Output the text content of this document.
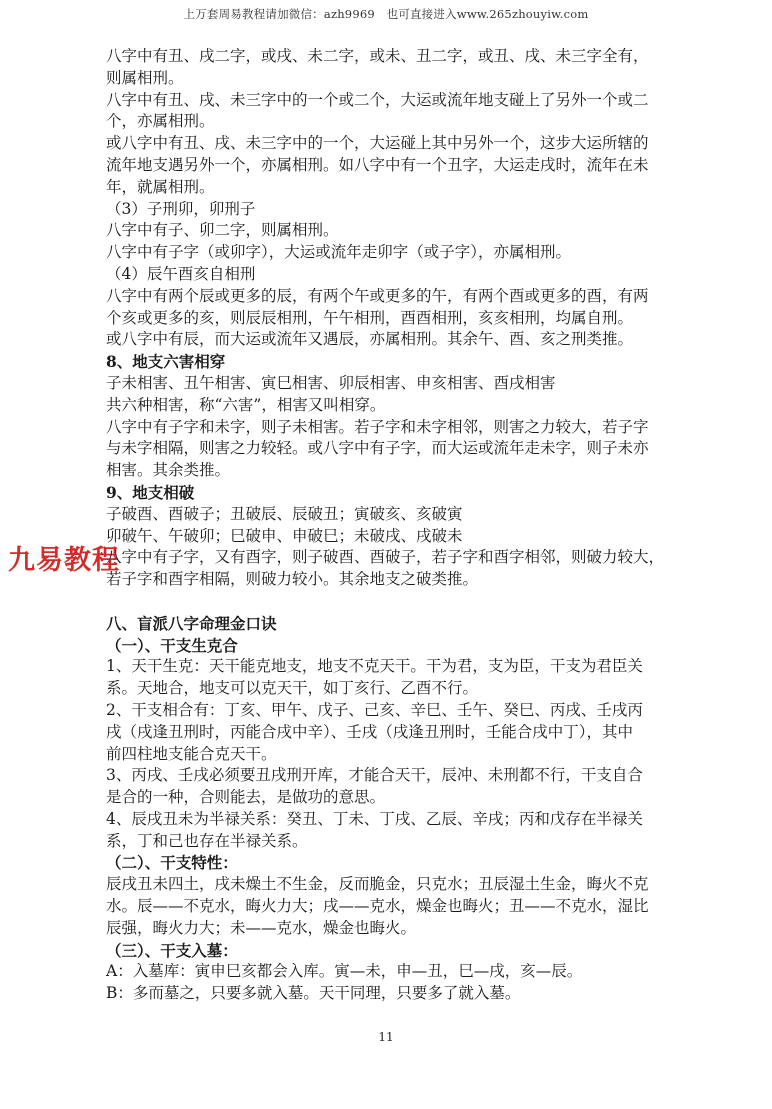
上万套周易教程请加微信：azh9969　也可直接进入www.265zhouyiw.com
九易教程
八字中有丑、戌二字，或戌、未二字，或未、丑二字，或丑、戌、未三字全有，
则属相刑。
八字中有丑、戌、未三字中的一个或二个，大运或流年地支碰上了另外一个或二
个，亦属相刑。
或八字中有丑、戌、未三字中的一个，大运碰上其中另外一个，这步大运所辖的
流年地支遇另外一个，亦属相刑。如八字中有一个丑字，大运走戌时，流年在未
年，就属相刑。
（3）子刑卯，卯刑子
八字中有子、卯二字，则属相刑。
八字中有子字（或卯字），大运或流年走卯字（或子字），亦属相刑。
（4）辰午酉亥自相刑
八字中有两个辰或更多的辰，有两个午或更多的午，有两个酉或更多的酉，有两
个亥或更多的亥，则辰辰相刑，午午相刑，酉酉相刑，亥亥相刑，均属自刑。
或八字中有辰，而大运或流年又遇辰，亦属相刑。其余午、酉、亥之刑类推。
8、地支六害相穿
子未相害、丑午相害、寅巳相害、卯辰相害、申亥相害、酉戌相害
共六种相害，称“六害”，相害又叫相穿。
八字中有子字和未字，则子未相害。若子字和未字相邻，则害之力较大，若子字
与未字相隔，则害之力较轻。或八字中有子字，而大运或流年走未字，则子未亦
相害。其余类推。
9、地支相破
子破酉、酉破子；丑破辰、辰破丑；寅破亥、亥破寅
卯破午、午破卯；巳破申、申破巳；未破戌、戌破未
八字中有子字，又有酉字，则子破酉、酉破子，若子字和酉字相邻，则破力较大，
若子字和酉字相隔，则破力较小。其余地支之破类推。
八、盲派八字命理金口诀
（一）、干支生克合
1、天干生克：天干能克地支，地支不克天干。干为君，支为臣，干支为君臣关
系。天地合，地支可以克天干，如丁亥行、乙酉不行。
2、干支相合有：丁亥、甲午、戊子、己亥、辛巳、壬午、癸巳、丙戌、壬戌丙
戌（戌逢丑刑时，丙能合戌中辛）、壬戌（戌逢丑刑时，壬能合戌中丁），其中
前四柱地支能合克天干。
3、丙戌、壬戌必须要丑戌刑开库，才能合天干，辰冲、未刑都不行，干支自合
是合的一种，合则能去，是做功的意思。
4、辰戌丑未为半禄关系：癸丑、丁未、丁戌、乙辰、辛戌；丙和戊存在半禄关
系，丁和己也存在半禄关系。
（二）、干支特性：
辰戌丑未四土，戌未燥土不生金，反而脆金，只克水；丑辰湿土生金，晦火不克
水。辰——不克水，晦火力大；戌——克水，燥金也晦火；丑——不克水，湿比
辰强，晦火力大；未——克水，燥金也晦火。
（三）、干支入墓：
A：入墓库：寅申巳亥都会入库。寅—未，申—丑，巳—戌，亥—辰。
B：多而墓之，只要多就入墓。天干同理，只要多了就入墓。
11
